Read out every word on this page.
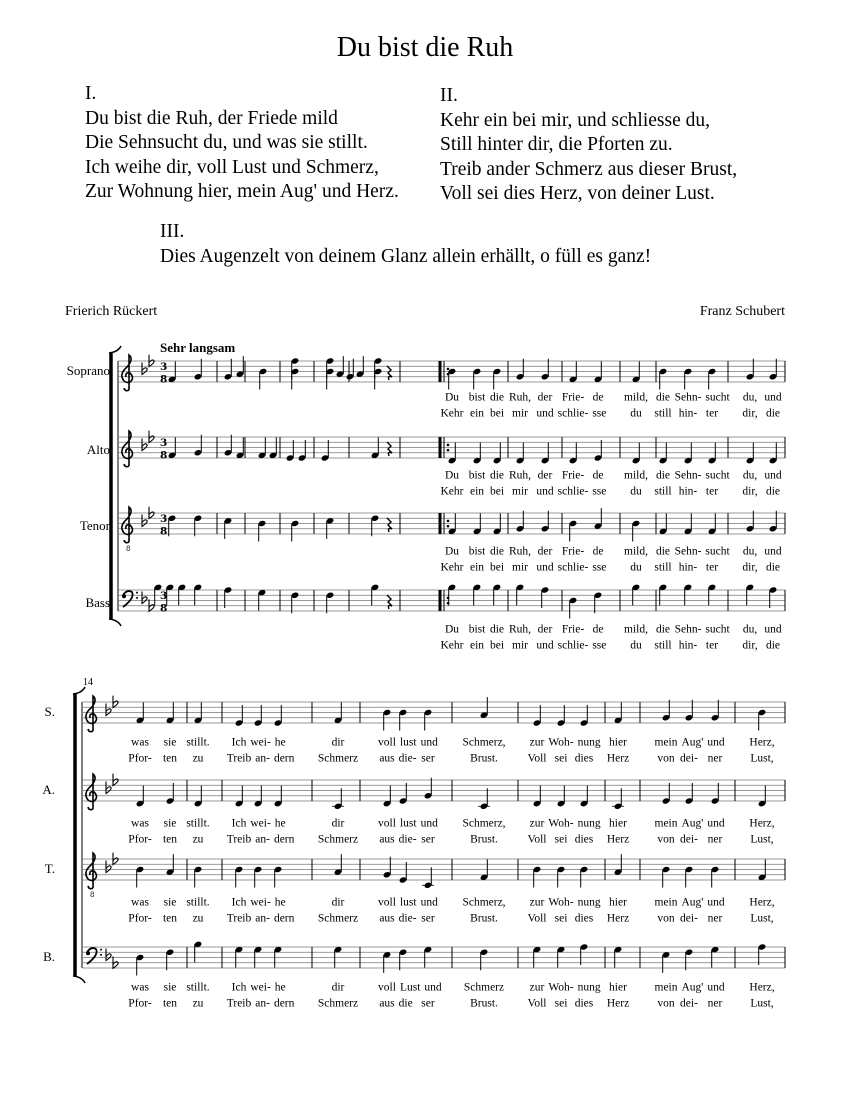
Du bist die Ruh
I.
Du bist die Ruh, der Friede mild
Die Sehnsucht du, und was sie stillt.
Ich weihe dir, voll Lust und Schmerz,
Zur Wohnung hier, mein Aug' und Herz.
II.
Kehr ein bei mir, und schliesse du,
Still hinter dir, die Pforten zu.
Treib ander Schmerz aus dieser Brust,
Voll sei dies Herz, von deiner Lust.
III.
Dies Augenzelt von deinem Glanz allein erhällt, o füll es ganz!
Frierich Rückert	Franz Schubert
Sehr langsam
14
Soprano
Alto
Tenor
Bass
S.
A.
T.
B.
3
8
3
8
8
3
8
3
8
8
Du bist die Ruh, der Frie- de mild, die Sehn- sucht du, und
Kehr ein bei mir und schlie- sse du still hin- ter dir, die
Du bist die Ruh, der Frie- de mild, die Sehn- sucht du, und
Kehr ein bei mir und schlie- sse du still hin- ter dir, die
Du bist die Ruh, der Frie- de mild, die Sehn- sucht du, und
Kehr ein bei mir und schlie- sse du still hin- ter dir, die
Du bist die Ruh, der Frie- de mild, die Sehn- sucht du, und
Kehr ein bei mir und schlie- sse du still hin- ter dir, die
was sie stillt. Ich wei- he	dir	voll lust und Schmerz, zur Woh- nung hier mein Aug' und Herz,
Pfor- ten zu Treib an- dern Schmerz aus die- ser	Brust.	Voll sei dies Herz von dei- ner Lust,
was sie stillt. Ich wei- he	dir	voll lust und Schmerz, zur Woh- nung hier mein Aug' und Herz,
Pfor- ten zu Treib an- dern Schmerz aus die- ser	Brust.	Voll sei dies Herz von dei- ner Lust,
was sie stillt. Ich wei- he	dir	voll lust und Schmerz, zur Woh- nung hier mein Aug' und Herz,
Pfor- ten zu Treib an- dern Schmerz aus die- ser	Brust.	Voll sei dies Herz von dei- ner Lust,
was sie stillt. Ich wei- he	dir	voll Lust und Schmerz zur Woh- nung hier mein Aug' und Herz,
Pfor- ten zu Treib an- dern Schmerz aus die ser	Brust.	Voll sei dies Herz von dei- ner Lust,
